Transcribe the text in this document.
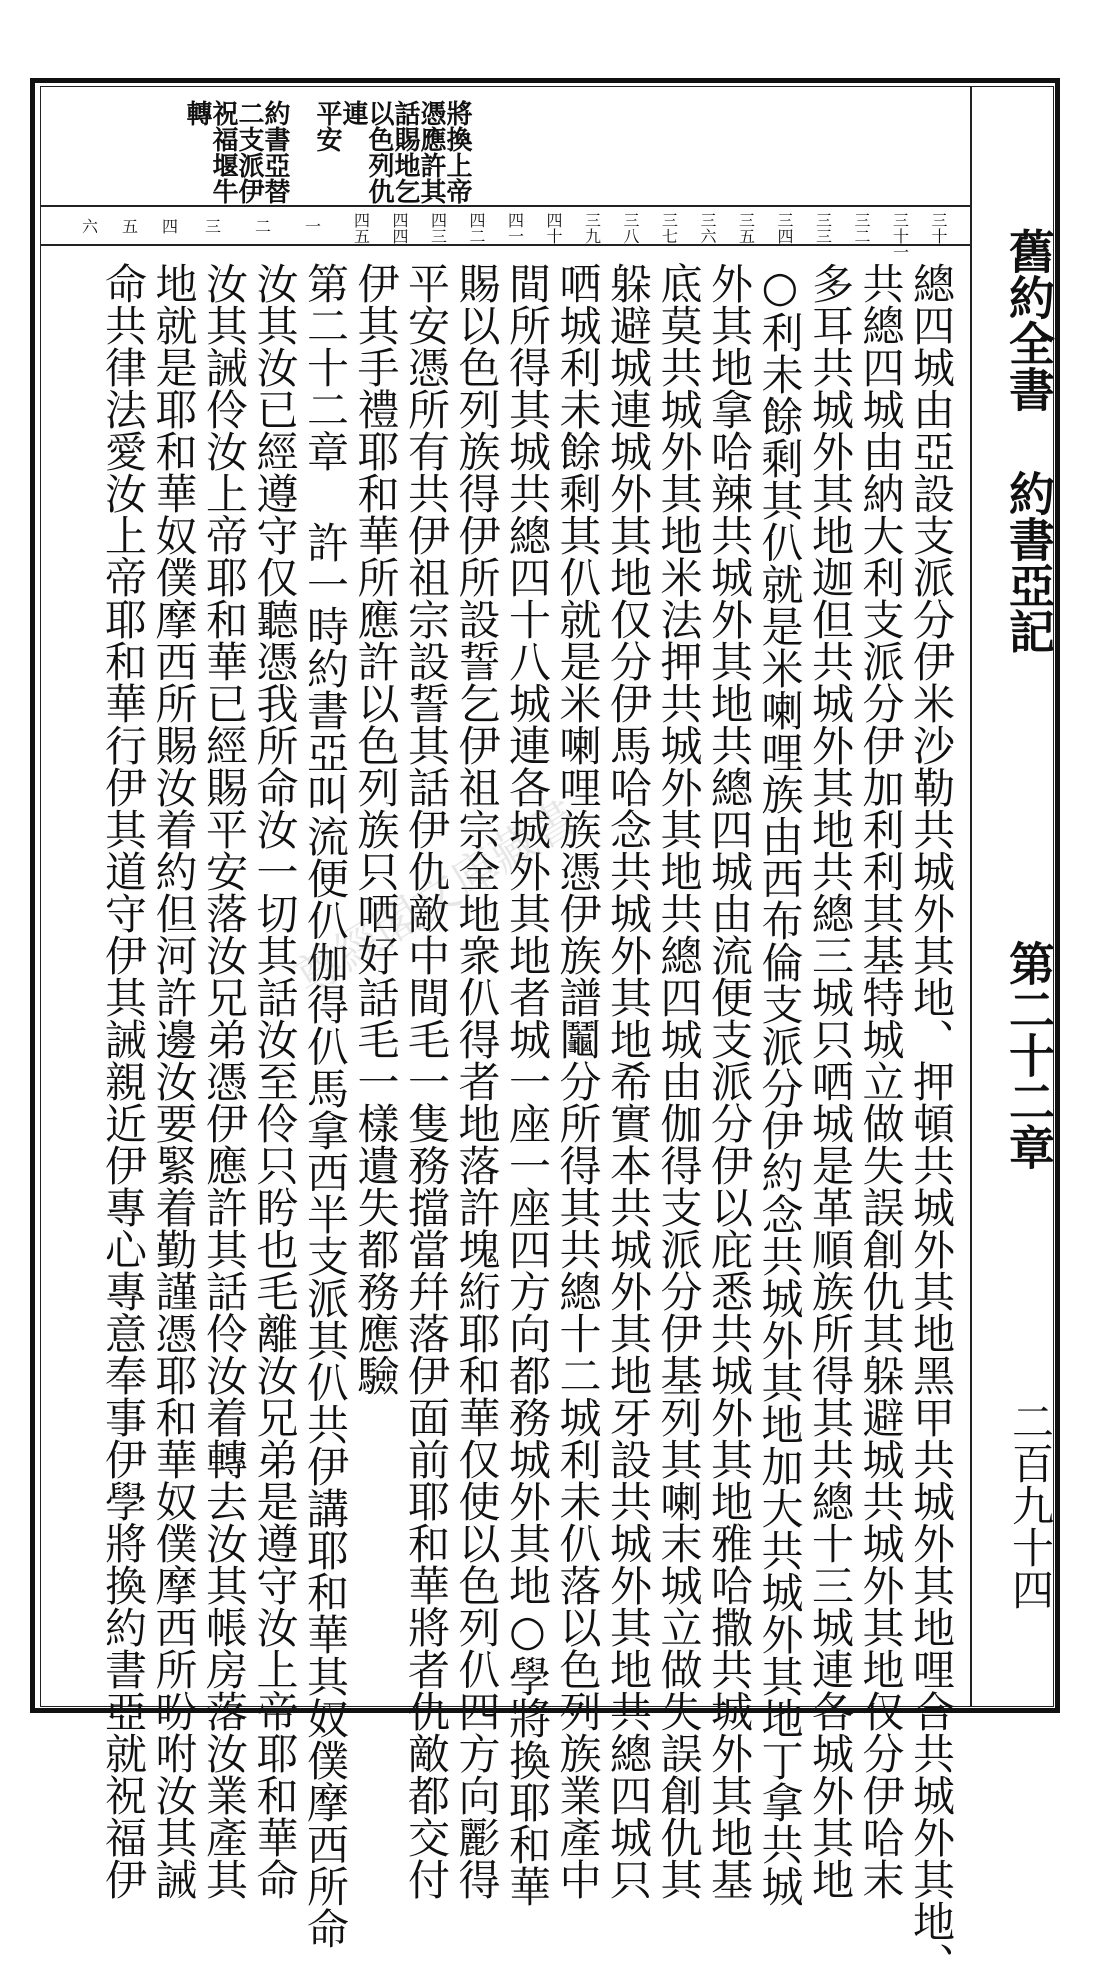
舊約全書
約書亞記
第二十二章
二百九十四
將換上帝
憑應許其
話賜地乞
以色列仇
連
平安
約書亞替
二支派伊
祝福堰牛
轉
三十
三十一
三二
三三
三四
三五
三六
三七
三八
三九
四十
四一
四二
四三
四四
四五
一
二
三
四
五
六
總四城由亞設支派分伊米沙勒共城外其地、押頓共城外其地黑甲共城外其地哩合共城外其地、
共總四城由納大利支派分伊加利利其基特城立做失誤創仇其躲避城共城外其地仅分伊哈末
多耳共城外其地迦但共城外其地共總三城只哂城是革順族所得其共總十三城連各城外其地
○利未餘剩其仈就是米喇哩族由西布倫支派分伊約念共城外其地加大共城外其地丁拿共城
外其地拿哈辣共城外其地共總四城由流便支派分伊以庇悉共城外其地雅哈撒共城外其地基
底莫共城外其地米法押共城外其地共總四城由伽得支派分伊基列其喇末城立做失誤創仇其
躲避城連城外其地仅分伊馬哈念共城外其地希實本共城外其地牙設共城外其地共總四城只
哂城利未餘剩其仈就是米喇哩族憑伊族譜鬮分所得其共總十二城利未仈落以色列族業產中
間所得其城共總四十八城連各城外其地者城一座一座四方向都務城外其地○學將換耶和華
賜以色列族得伊所設誓乞伊祖宗全地衆仈得者地落許塊絎耶和華仅使以色列仈四方向彲得
平安憑所有共伊祖宗設誓其話伊仇敵中間毛一隻務擋當幷落伊面前耶和華將者仇敵都交付
伊其手禮耶和華所應許以色列族只哂好話毛一樣遺失都務應驗
第二十二章 許一時約書亞叫流便仈伽得仈馬拿西半支派其仈共伊講耶和華其奴僕摩西所命
汝其汝已經遵守仅聽憑我所命汝一切其話汝至伶只盻也毛離汝兄弟是遵守汝上帝耶和華命
汝其誡伶汝上帝耶和華已經賜平安落汝兄弟憑伊應許其話伶汝着轉去汝其帳房落汝業產其
地就是耶和華奴僕摩西所賜汝着約但河許邊汝要緊着勤謹憑耶和華奴僕摩西所吩咐汝其誡
命共律法愛汝上帝耶和華行伊其道守伊其誡親近伊專心專意奉事伊學將換約書亞就祝福伊	尊經閣文庫藏書
